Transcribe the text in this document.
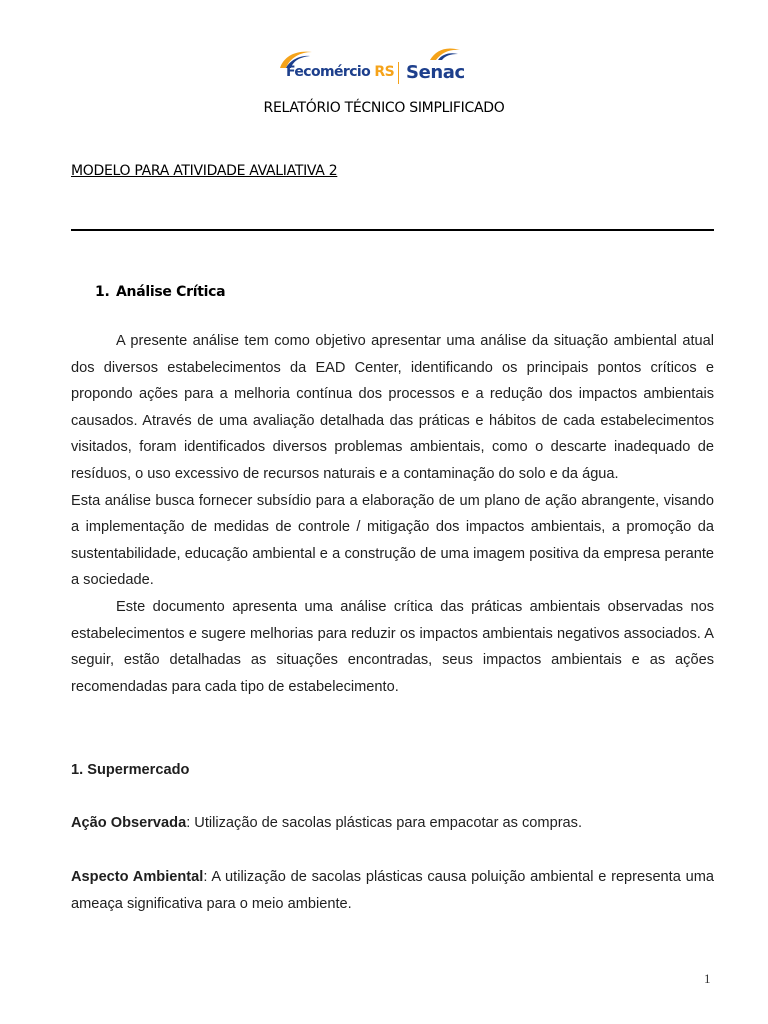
Fecomércio RS Senac
RELATÓRIO TÉCNICO SIMPLIFICADO
MODELO PARA ATIVIDADE AVALIATIVA 2
1. Análise Crítica

A presente análise tem como objetivo apresentar uma análise da situação ambiental atual dos diversos estabelecimentos da EAD Center, identificando os principais pontos críticos e propondo ações para a melhoria contínua dos processos e a redução dos impactos ambientais causados. Através de uma avaliação detalhada das práticas e hábitos de cada estabelecimentos visitados, foram identificados diversos problemas ambientais, como o descarte inadequado de resíduos, o uso excessivo de recursos naturais e a contaminação do solo e da água.

Esta análise busca fornecer subsídio para a elaboração de um plano de ação abrangente, visando a implementação de medidas de controle / mitigação dos impactos ambientais, a promoção da sustentabilidade, educação ambiental e a construção de uma imagem positiva da empresa perante a sociedade.

Este documento apresenta uma análise crítica das práticas ambientais observadas nos estabelecimentos e sugere melhorias para reduzir os impactos ambientais negativos associados. A seguir, estão detalhadas as situações encontradas, seus impactos ambientais e as ações recomendadas para cada tipo de estabelecimento.

1. Supermercado
Ação Observada: Utilização de sacolas plásticas para empacotar as compras.
Aspecto Ambiental: A utilização de sacolas plásticas causa poluição ambiental e representa uma ameaça significativa para o meio ambiente.
1
